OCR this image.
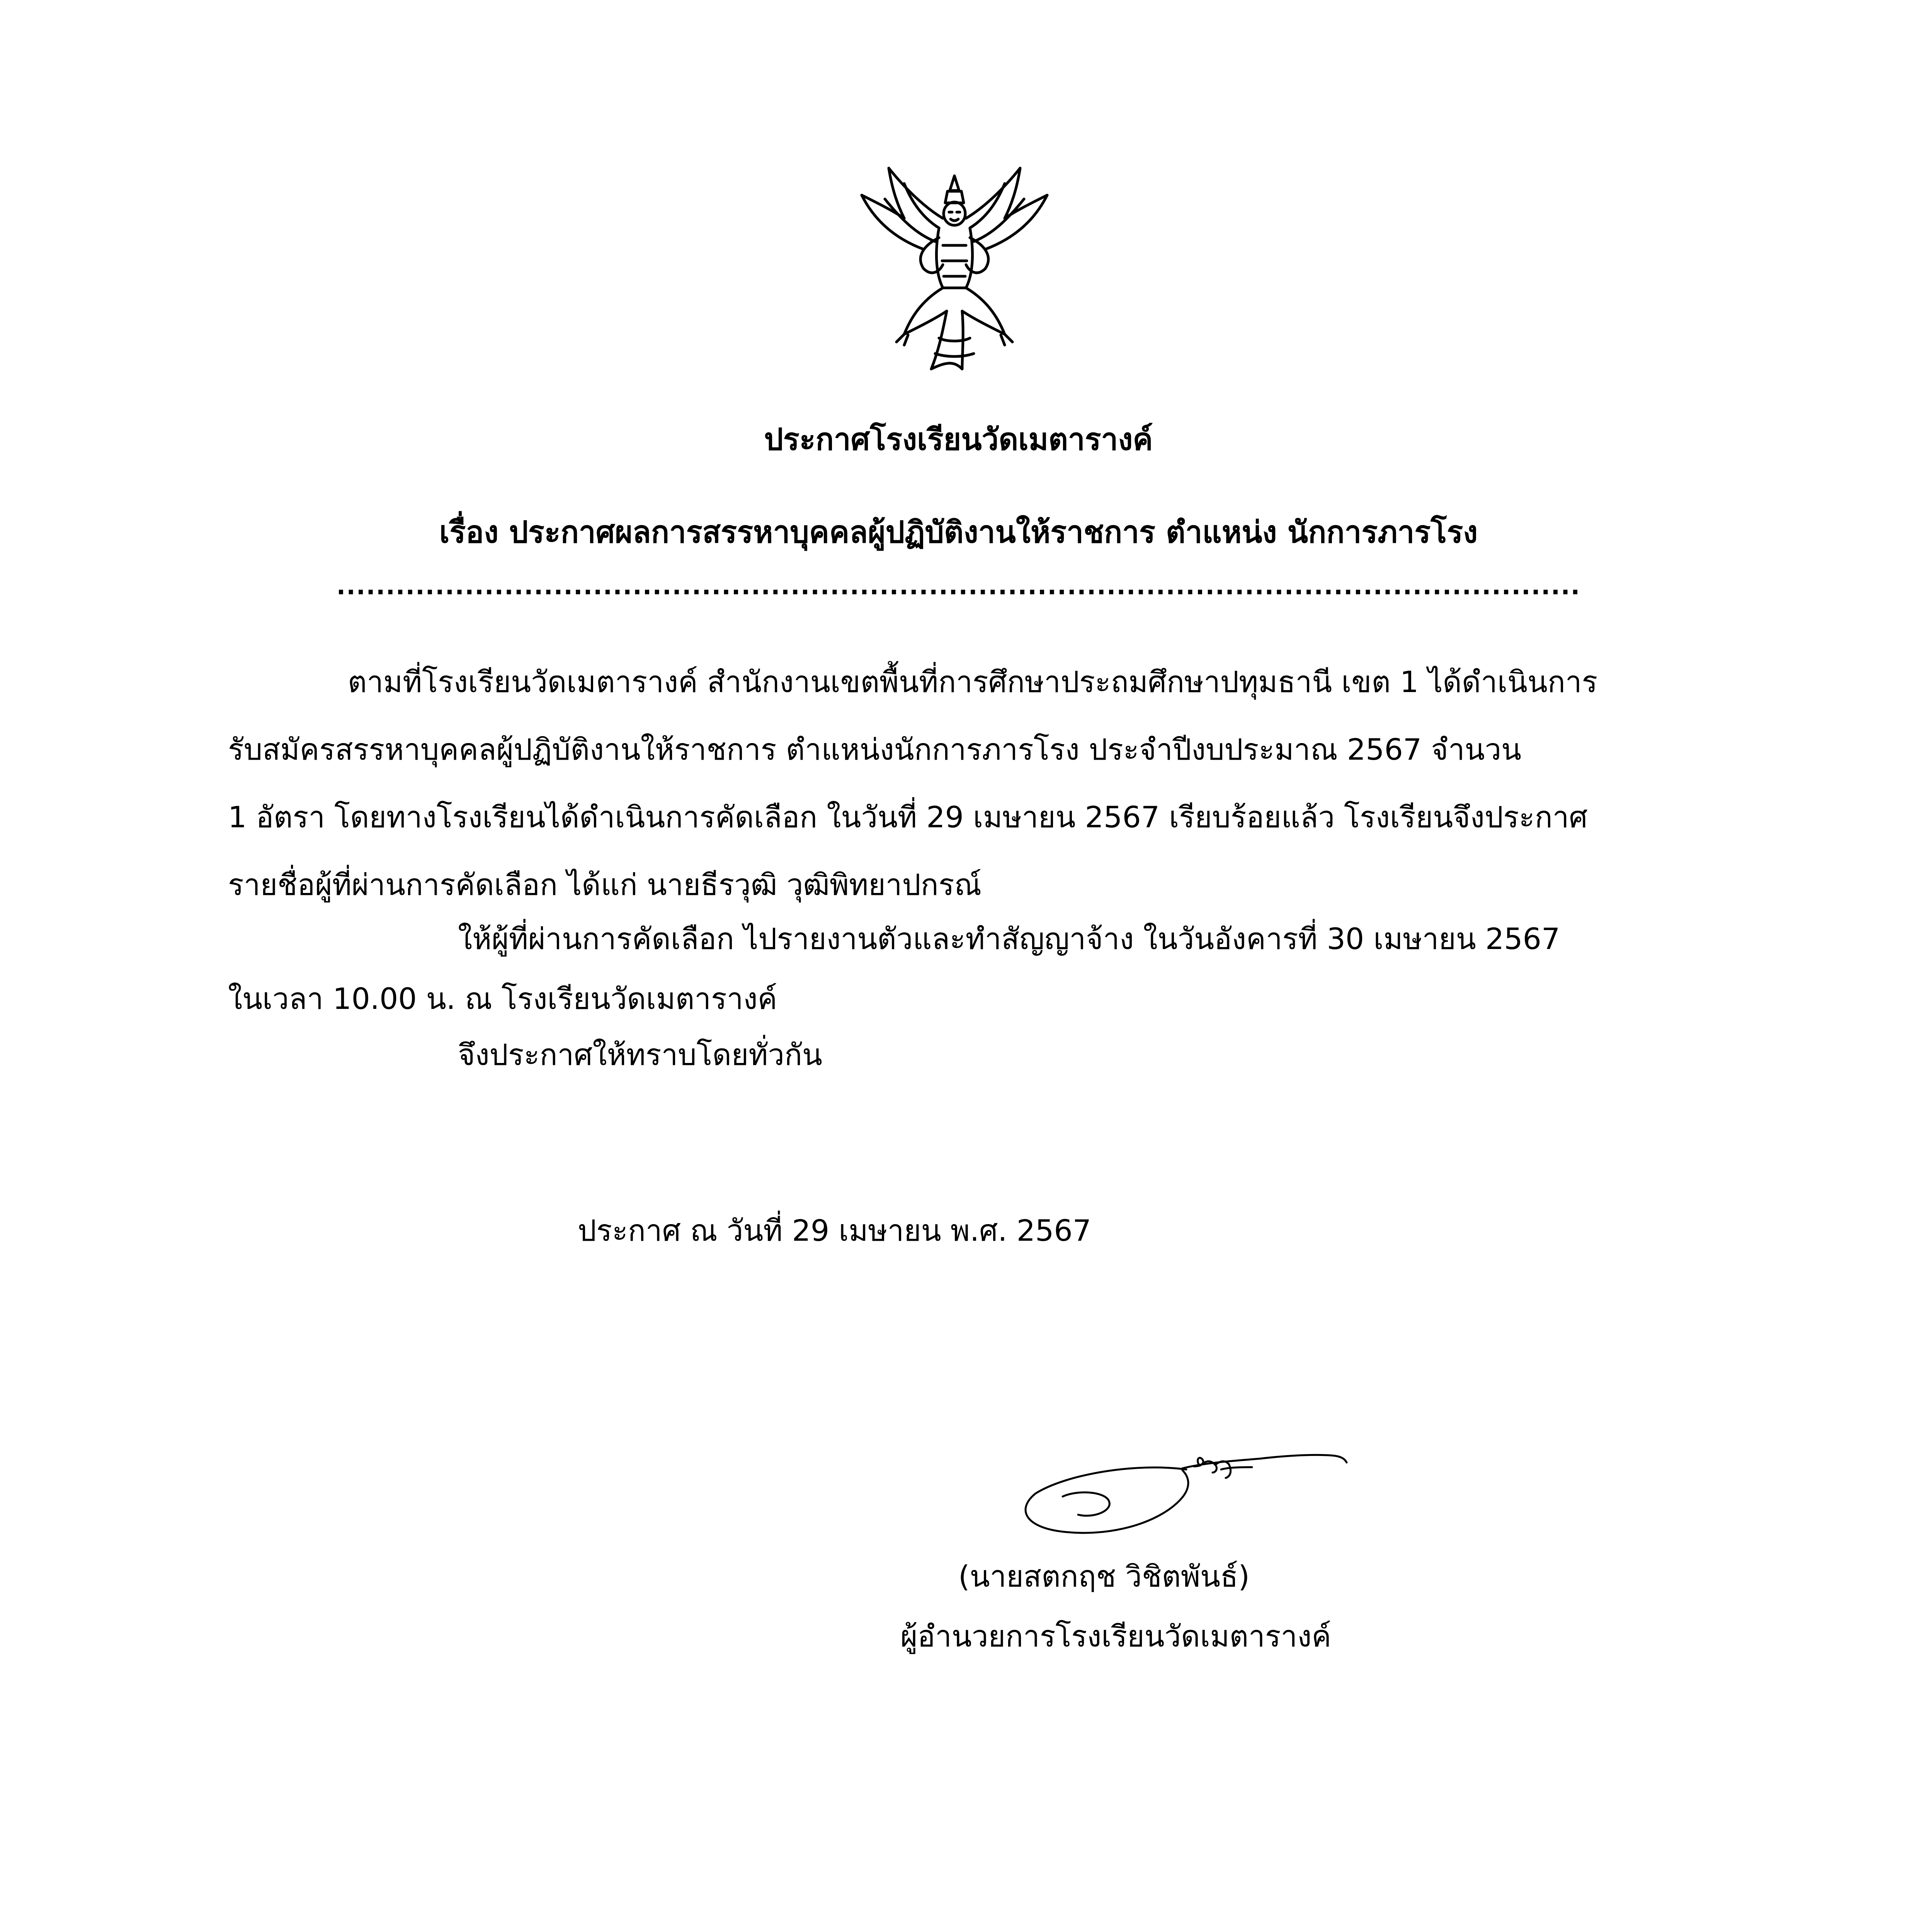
ประกาศโรงเรียนวัดเมตาราง​ค์

เรื่อง ประกาศผลการสรรหาบุคคลผู้ปฏิบัติงานให้ราชการ ตำแหน่ง นักการภารโรง

..............................................................................................................................

ตามที่โรงเรียนวัดเมตาราง​ค์ สำนักงานเขตพื้นที่การศึกษาประถมศึกษาปทุมธานี เขต 1 ได้ดำเนินการ

รับสมัครสรรหาบุคคลผู้ปฏิบัติงานให้ราชการ ตำแหน่งนักการภารโรง ประจำปีงบประมาณ 2567 จำนวน

1 อัตรา โดยทางโรงเรียนได้ดำเนินการคัดเลือก ในวันที่ 29 เมษายน 2567 เรียบร้อยแล้ว โรงเรียนจึงประกาศ

รายชื่อผู้ที่ผ่านการคัดเลือก ได้แก่ นายธีรวุฒิ วุฒิพิทยาปกรณ์

ให้ผู้ที่ผ่านการคัดเลือก ไปรายงานตัวและทำสัญญาจ้าง ในวันอังคารที่ 30 เมษายน 2567

ในเวลา 10.00 น. ณ โรงเรียนวัดเมตาราง​ค์

จึงประกาศให้ทราบโดยทั่วกัน

ประกาศ ณ วันที่ 29 เมษายน พ.ศ. 2567

(นายสตกฤช วิชิตพันธ์)

ผู้อำนวยการโรงเรียนวัดเมตาราง​ค์
